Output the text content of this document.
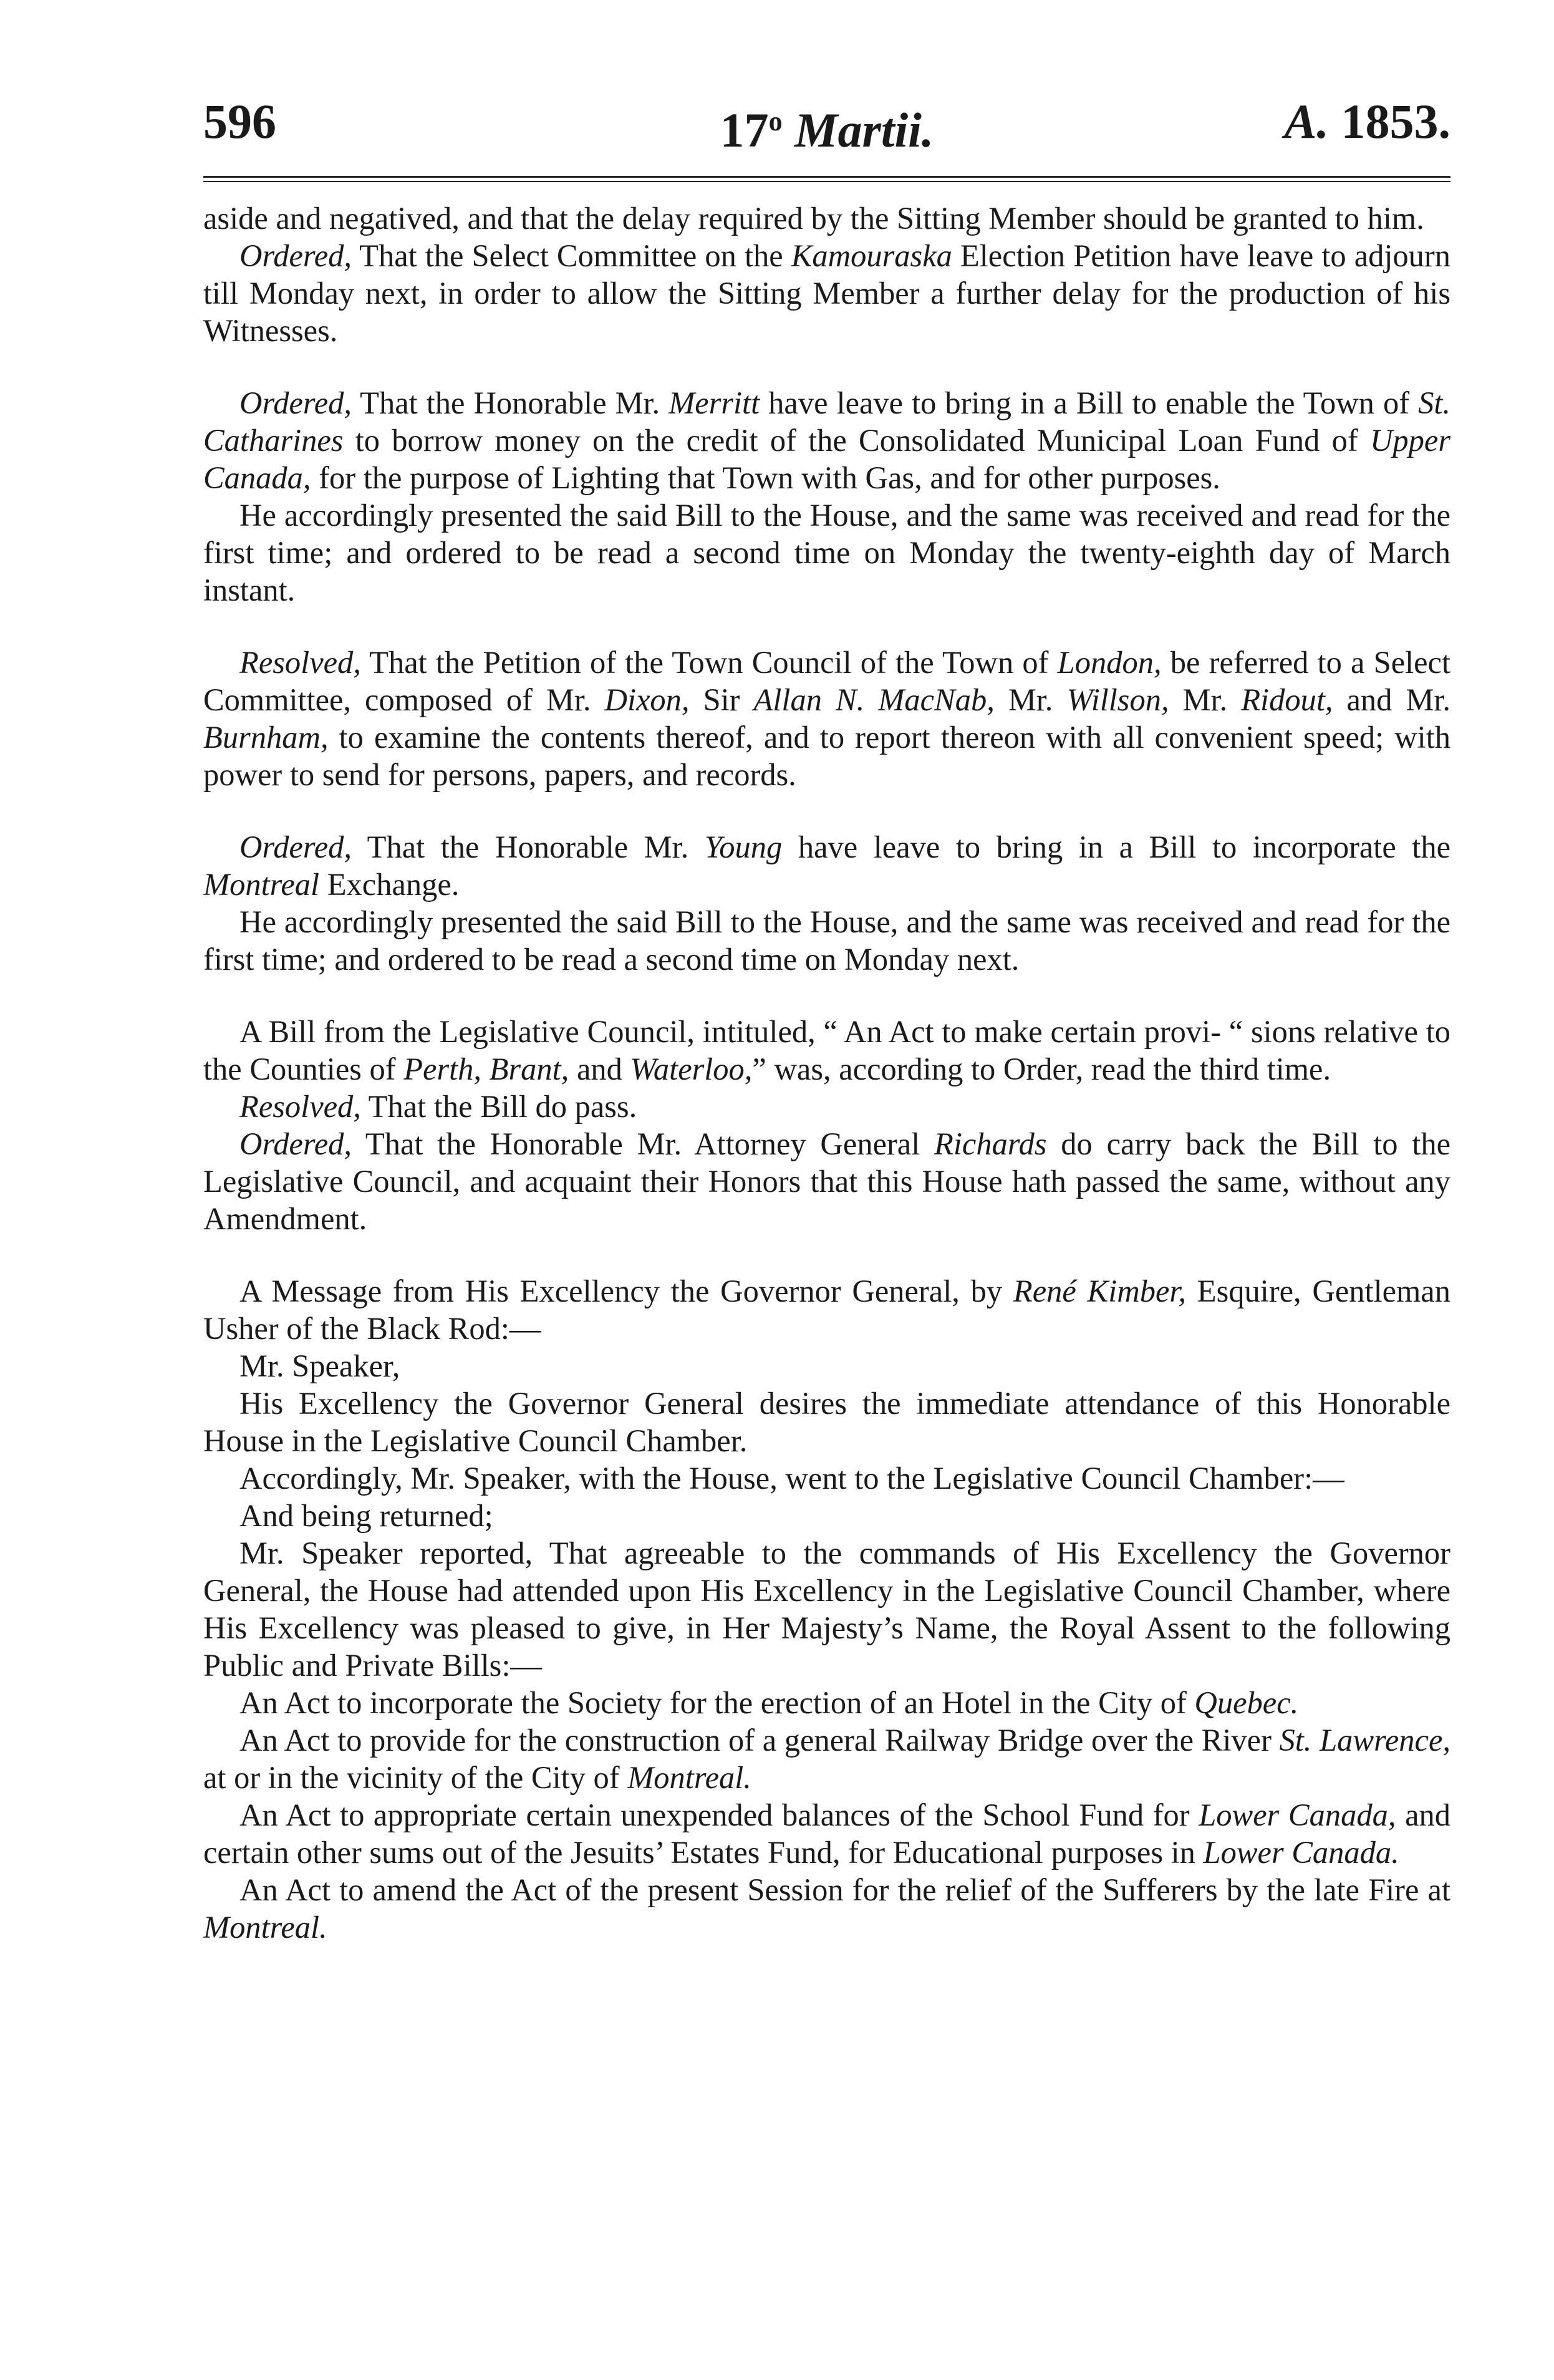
596	17$^o$ Martii.	A. 1853.

aside and negatived, and that the delay required by the Sitting Member should be granted to him.

Ordered, That the Select Committee on the Kamouraska Election Petition have leave to adjourn till Monday next, in order to allow the Sitting Member a further delay for the production of his Witnesses.

Ordered, That the Honorable Mr. Merritt have leave to bring in a Bill to enable the Town of St. Catharines to borrow money on the credit of the Consolidated Municipal Loan Fund of Upper Canada, for the purpose of Lighting that Town with Gas, and for other purposes.

He accordingly presented the said Bill to the House, and the same was received and read for the first time; and ordered to be read a second time on Monday the twenty-eighth day of March instant.

Resolved, That the Petition of the Town Council of the Town of London, be referred to a Select Committee, composed of Mr. Dixon, Sir Allan N. MacNab, Mr. Willson, Mr. Ridout, and Mr. Burnham, to examine the contents thereof, and to report thereon with all convenient speed; with power to send for persons, papers, and records.

Ordered, That the Honorable Mr. Young have leave to bring in a Bill to incorporate the Montreal Exchange.

He accordingly presented the said Bill to the House, and the same was received and read for the first time; and ordered to be read a second time on Monday next.

A Bill from the Legislative Council, intituled, “ An Act to make certain provi- “ sions relative to the Counties of Perth, Brant, and Waterloo,” was, according to Order, read the third time.

Resolved, That the Bill do pass.

Ordered, That the Honorable Mr. Attorney General Richards do carry back the Bill to the Legislative Council, and acquaint their Honors that this House hath passed the same, without any Amendment.

A Message from His Excellency the Governor General, by René Kimber, Esquire, Gentleman Usher of the Black Rod:—

Mr. Speaker,

His Excellency the Governor General desires the immediate attendance of this Honorable House in the Legislative Council Chamber.

Accordingly, Mr. Speaker, with the House, went to the Legislative Council Chamber:—

And being returned;

Mr. Speaker reported, That agreeable to the commands of His Excellency the Governor General, the House had attended upon His Excellency in the Legislative Council Chamber, where His Excellency was pleased to give, in Her Majesty’s Name, the Royal Assent to the following Public and Private Bills:—

An Act to incorporate the Society for the erection of an Hotel in the City of Quebec.

An Act to provide for the construction of a general Railway Bridge over the River St. Lawrence, at or in the vicinity of the City of Montreal.

An Act to appropriate certain unexpended balances of the School Fund for Lower Canada, and certain other sums out of the Jesuits’ Estates Fund, for Educational purposes in Lower Canada.

An Act to amend the Act of the present Session for the relief of the Sufferers by the late Fire at Montreal.
